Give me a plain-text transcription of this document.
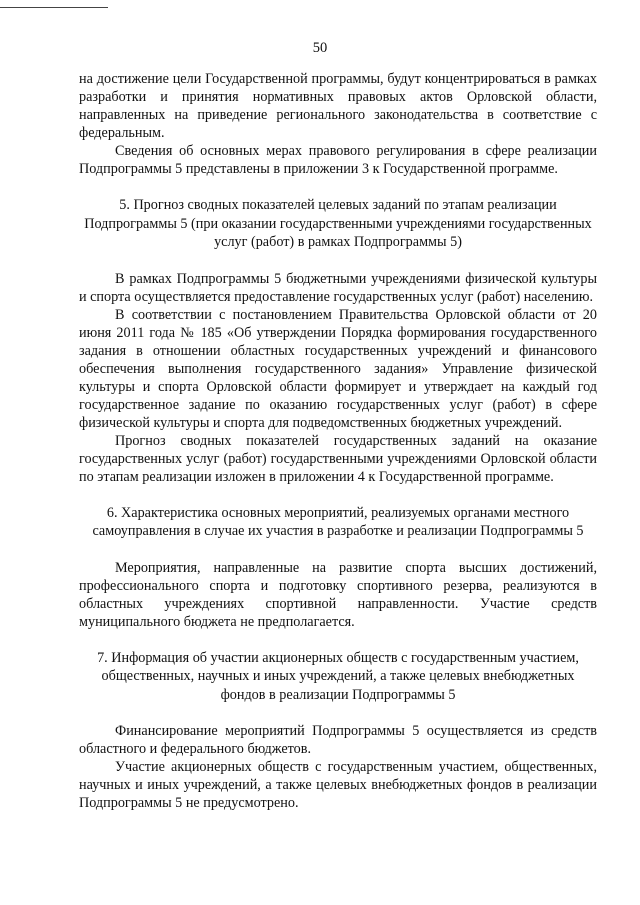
50

на достижение цели Государственной программы, будут концентрироваться в рамках разработки и принятия нормативных правовых актов Орловской области, направленных на приведение регионального законодательства в соответствие с федеральным.

Сведения об основных мерах правового регулирования в сфере реализации Подпрограммы 5 представлены в приложении 3 к Государственной программе.

5. Прогноз сводных показателей целевых заданий по этапам реализации Подпрограммы 5 (при оказании государственными учреждениями государственных услуг (работ) в рамках Подпрограммы 5)

В рамках Подпрограммы 5 бюджетными учреждениями физической культуры и спорта осуществляется предоставление государственных услуг (работ) населению.

В соответствии с постановлением Правительства Орловской области от 20 июня 2011 года № 185 «Об утверждении Порядка формирования государственного задания в отношении областных государственных учреждений и финансового обеспечения выполнения государственного задания» Управление физической культуры и спорта Орловской области формирует и утверждает на каждый год государственное задание по оказанию государственных услуг (работ) в сфере физической культуры и спорта для подведомственных бюджетных учреждений.

Прогноз сводных показателей государственных заданий на оказание государственных услуг (работ) государственными учреждениями Орловской области по этапам реализации изложен в приложении 4 к Государственной программе.

6. Характеристика основных мероприятий, реализуемых органами местного самоуправления в случае их участия в разработке и реализации Подпрограммы 5

Мероприятия, направленные на развитие спорта высших достижений, профессионального спорта и подготовку спортивного резерва, реализуются в областных учреждениях спортивной направленности. Участие средств муниципального бюджета не предполагается.

7. Информация об участии акционерных обществ с государственным участием, общественных, научных и иных учреждений, а также целевых внебюджетных фондов в реализации Подпрограммы 5

Финансирование мероприятий Подпрограммы 5 осуществляется из средств областного и федерального бюджетов.

Участие акционерных обществ с государственным участием, общественных, научных и иных учреждений, а также целевых внебюджетных фондов в реализации Подпрограммы 5 не предусмотрено.
